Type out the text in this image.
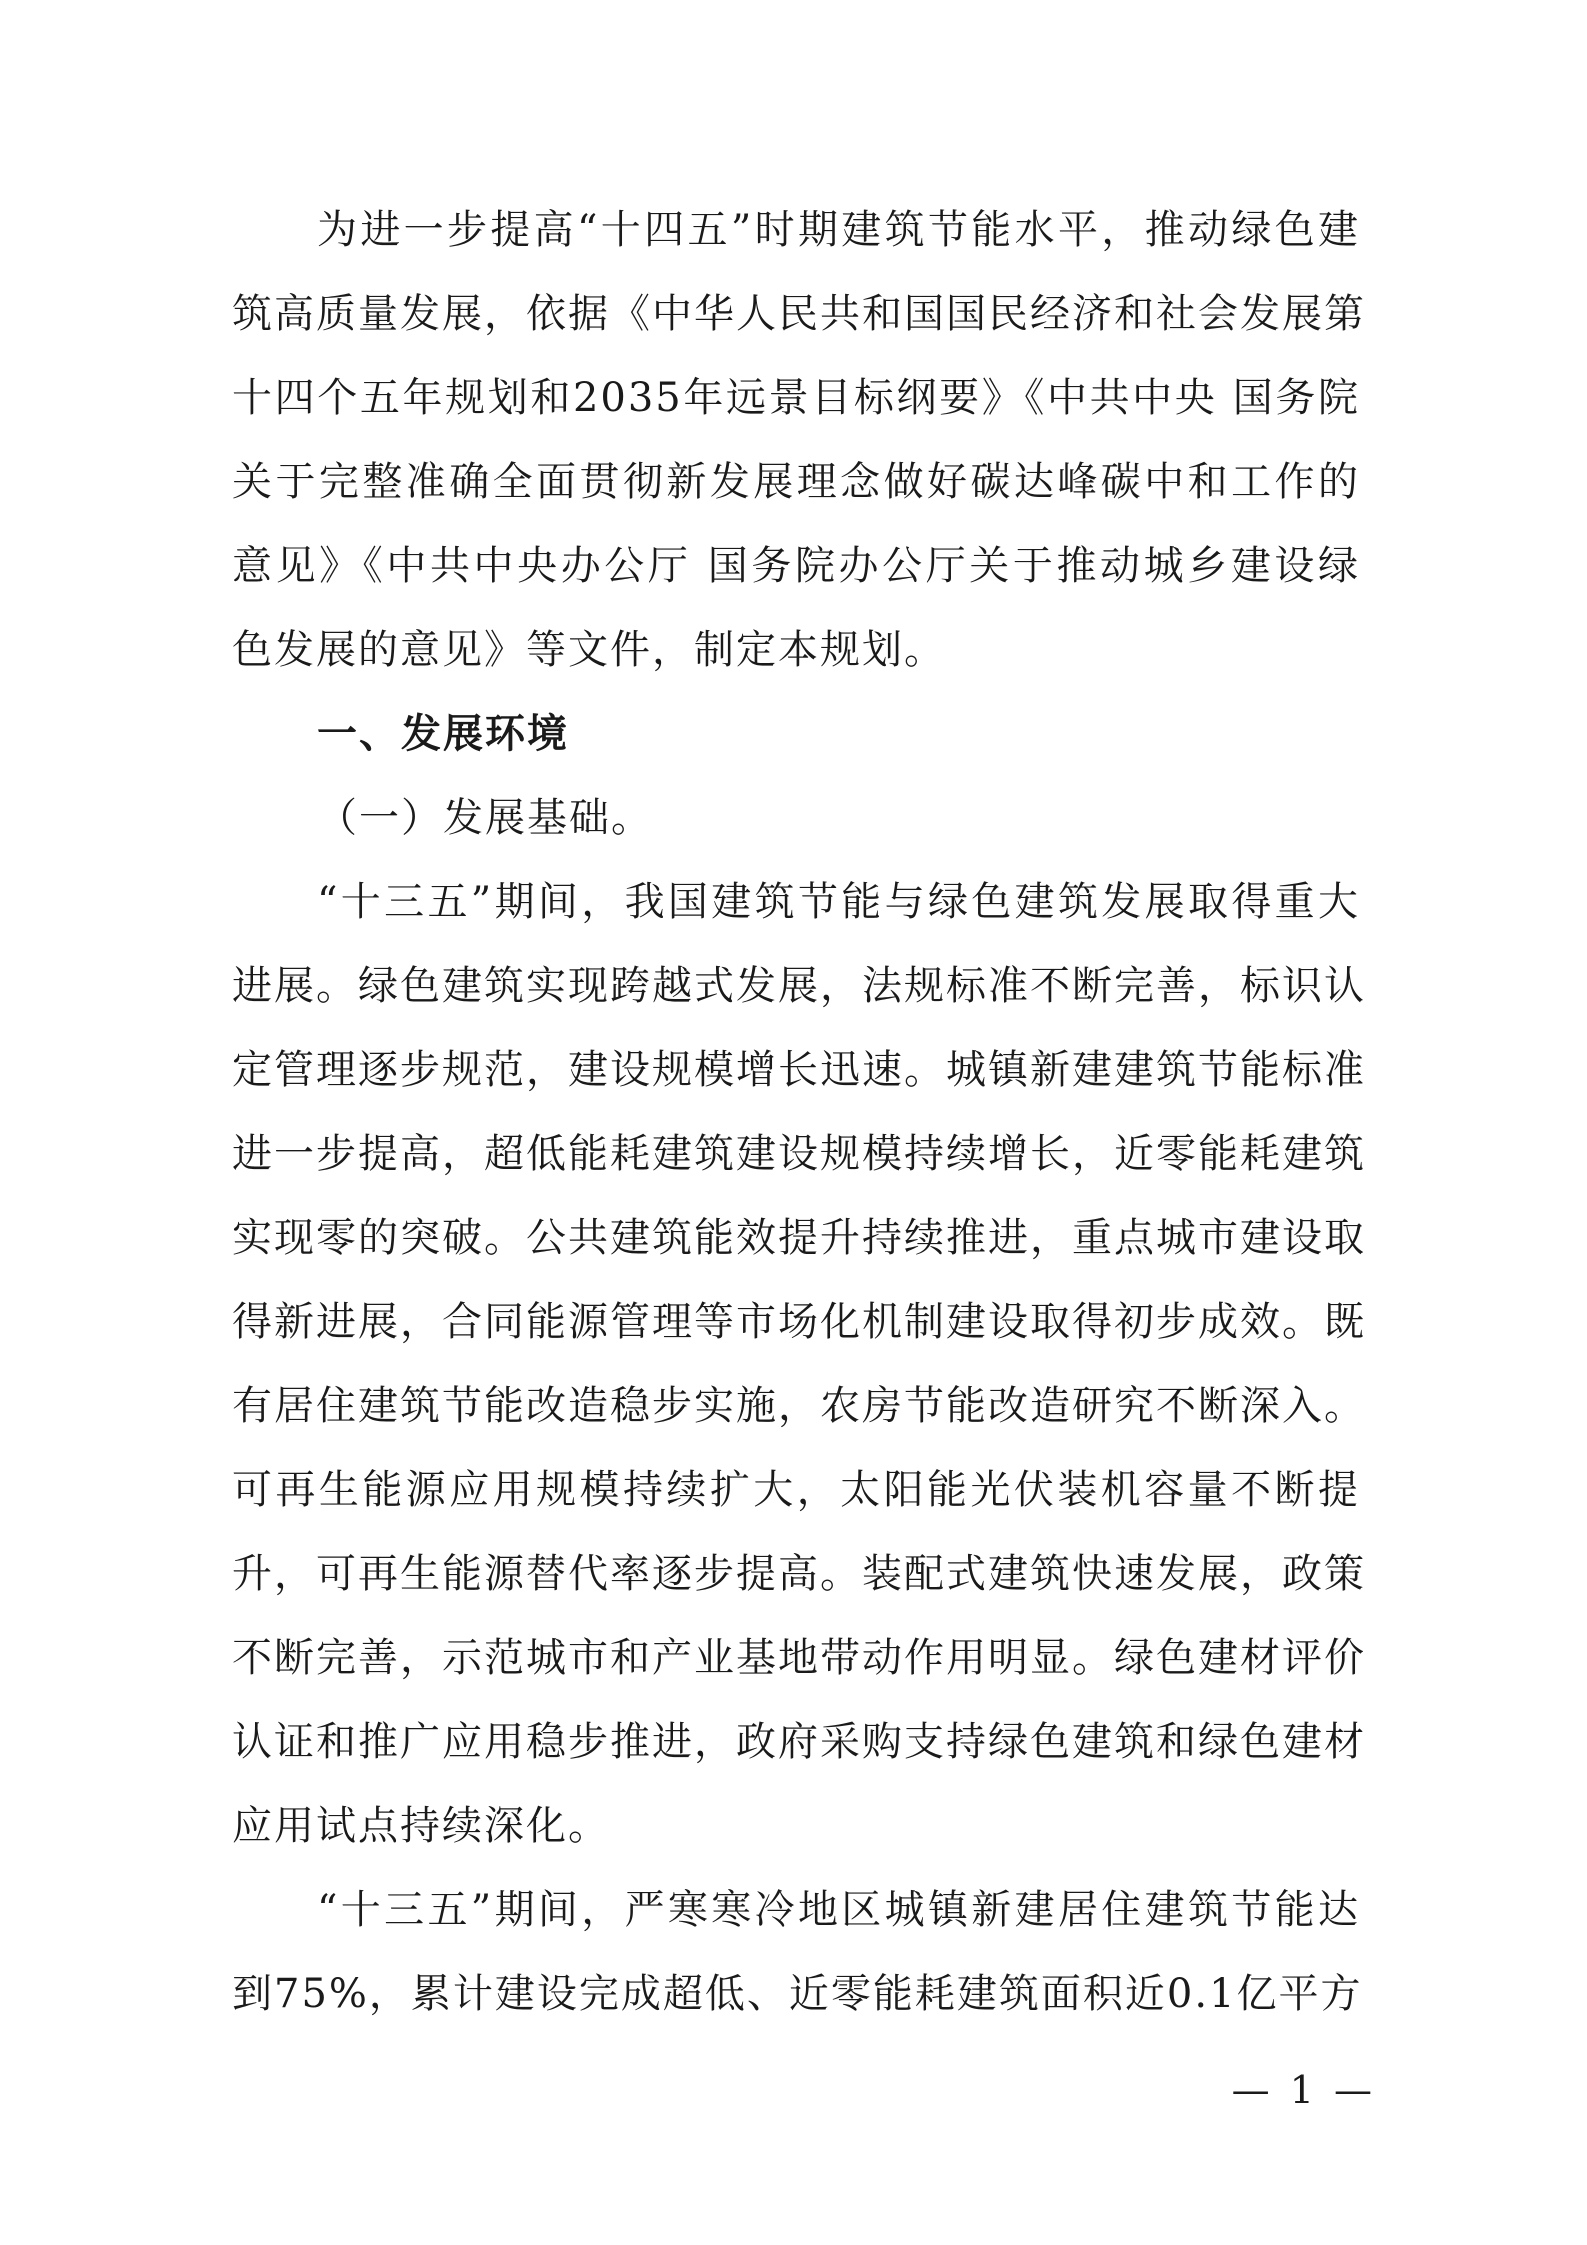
为进一步提高“十四五”时期建筑节能水平，推动绿色建
筑高质量发展，依据《中华人民共和国国民经济和社会发展第
十四个五年规划和2035年远景目标纲要》《中共中央 国务院
关于完整准确全面贯彻新发展理念做好碳达峰碳中和工作的
意见》《中共中央办公厅 国务院办公厅关于推动城乡建设绿
色发展的意见》等文件，制定本规划。
一、发展环境
（一）发展基础。
“十三五”期间，我国建筑节能与绿色建筑发展取得重大
进展。绿色建筑实现跨越式发展，法规标准不断完善，标识认
定管理逐步规范，建设规模增长迅速。城镇新建建筑节能标准
进一步提高，超低能耗建筑建设规模持续增长，近零能耗建筑
实现零的突破。公共建筑能效提升持续推进，重点城市建设取
得新进展，合同能源管理等市场化机制建设取得初步成效。既
有居住建筑节能改造稳步实施，农房节能改造研究不断深入。
可再生能源应用规模持续扩大，太阳能光伏装机容量不断提
升，可再生能源替代率逐步提高。装配式建筑快速发展，政策
不断完善，示范城市和产业基地带动作用明显。绿色建材评价
认证和推广应用稳步推进，政府采购支持绿色建筑和绿色建材
应用试点持续深化。
“十三五”期间，严寒寒冷地区城镇新建居住建筑节能达
到75%，累计建设完成超低、近零能耗建筑面积近0.1亿平方
— 1 —
